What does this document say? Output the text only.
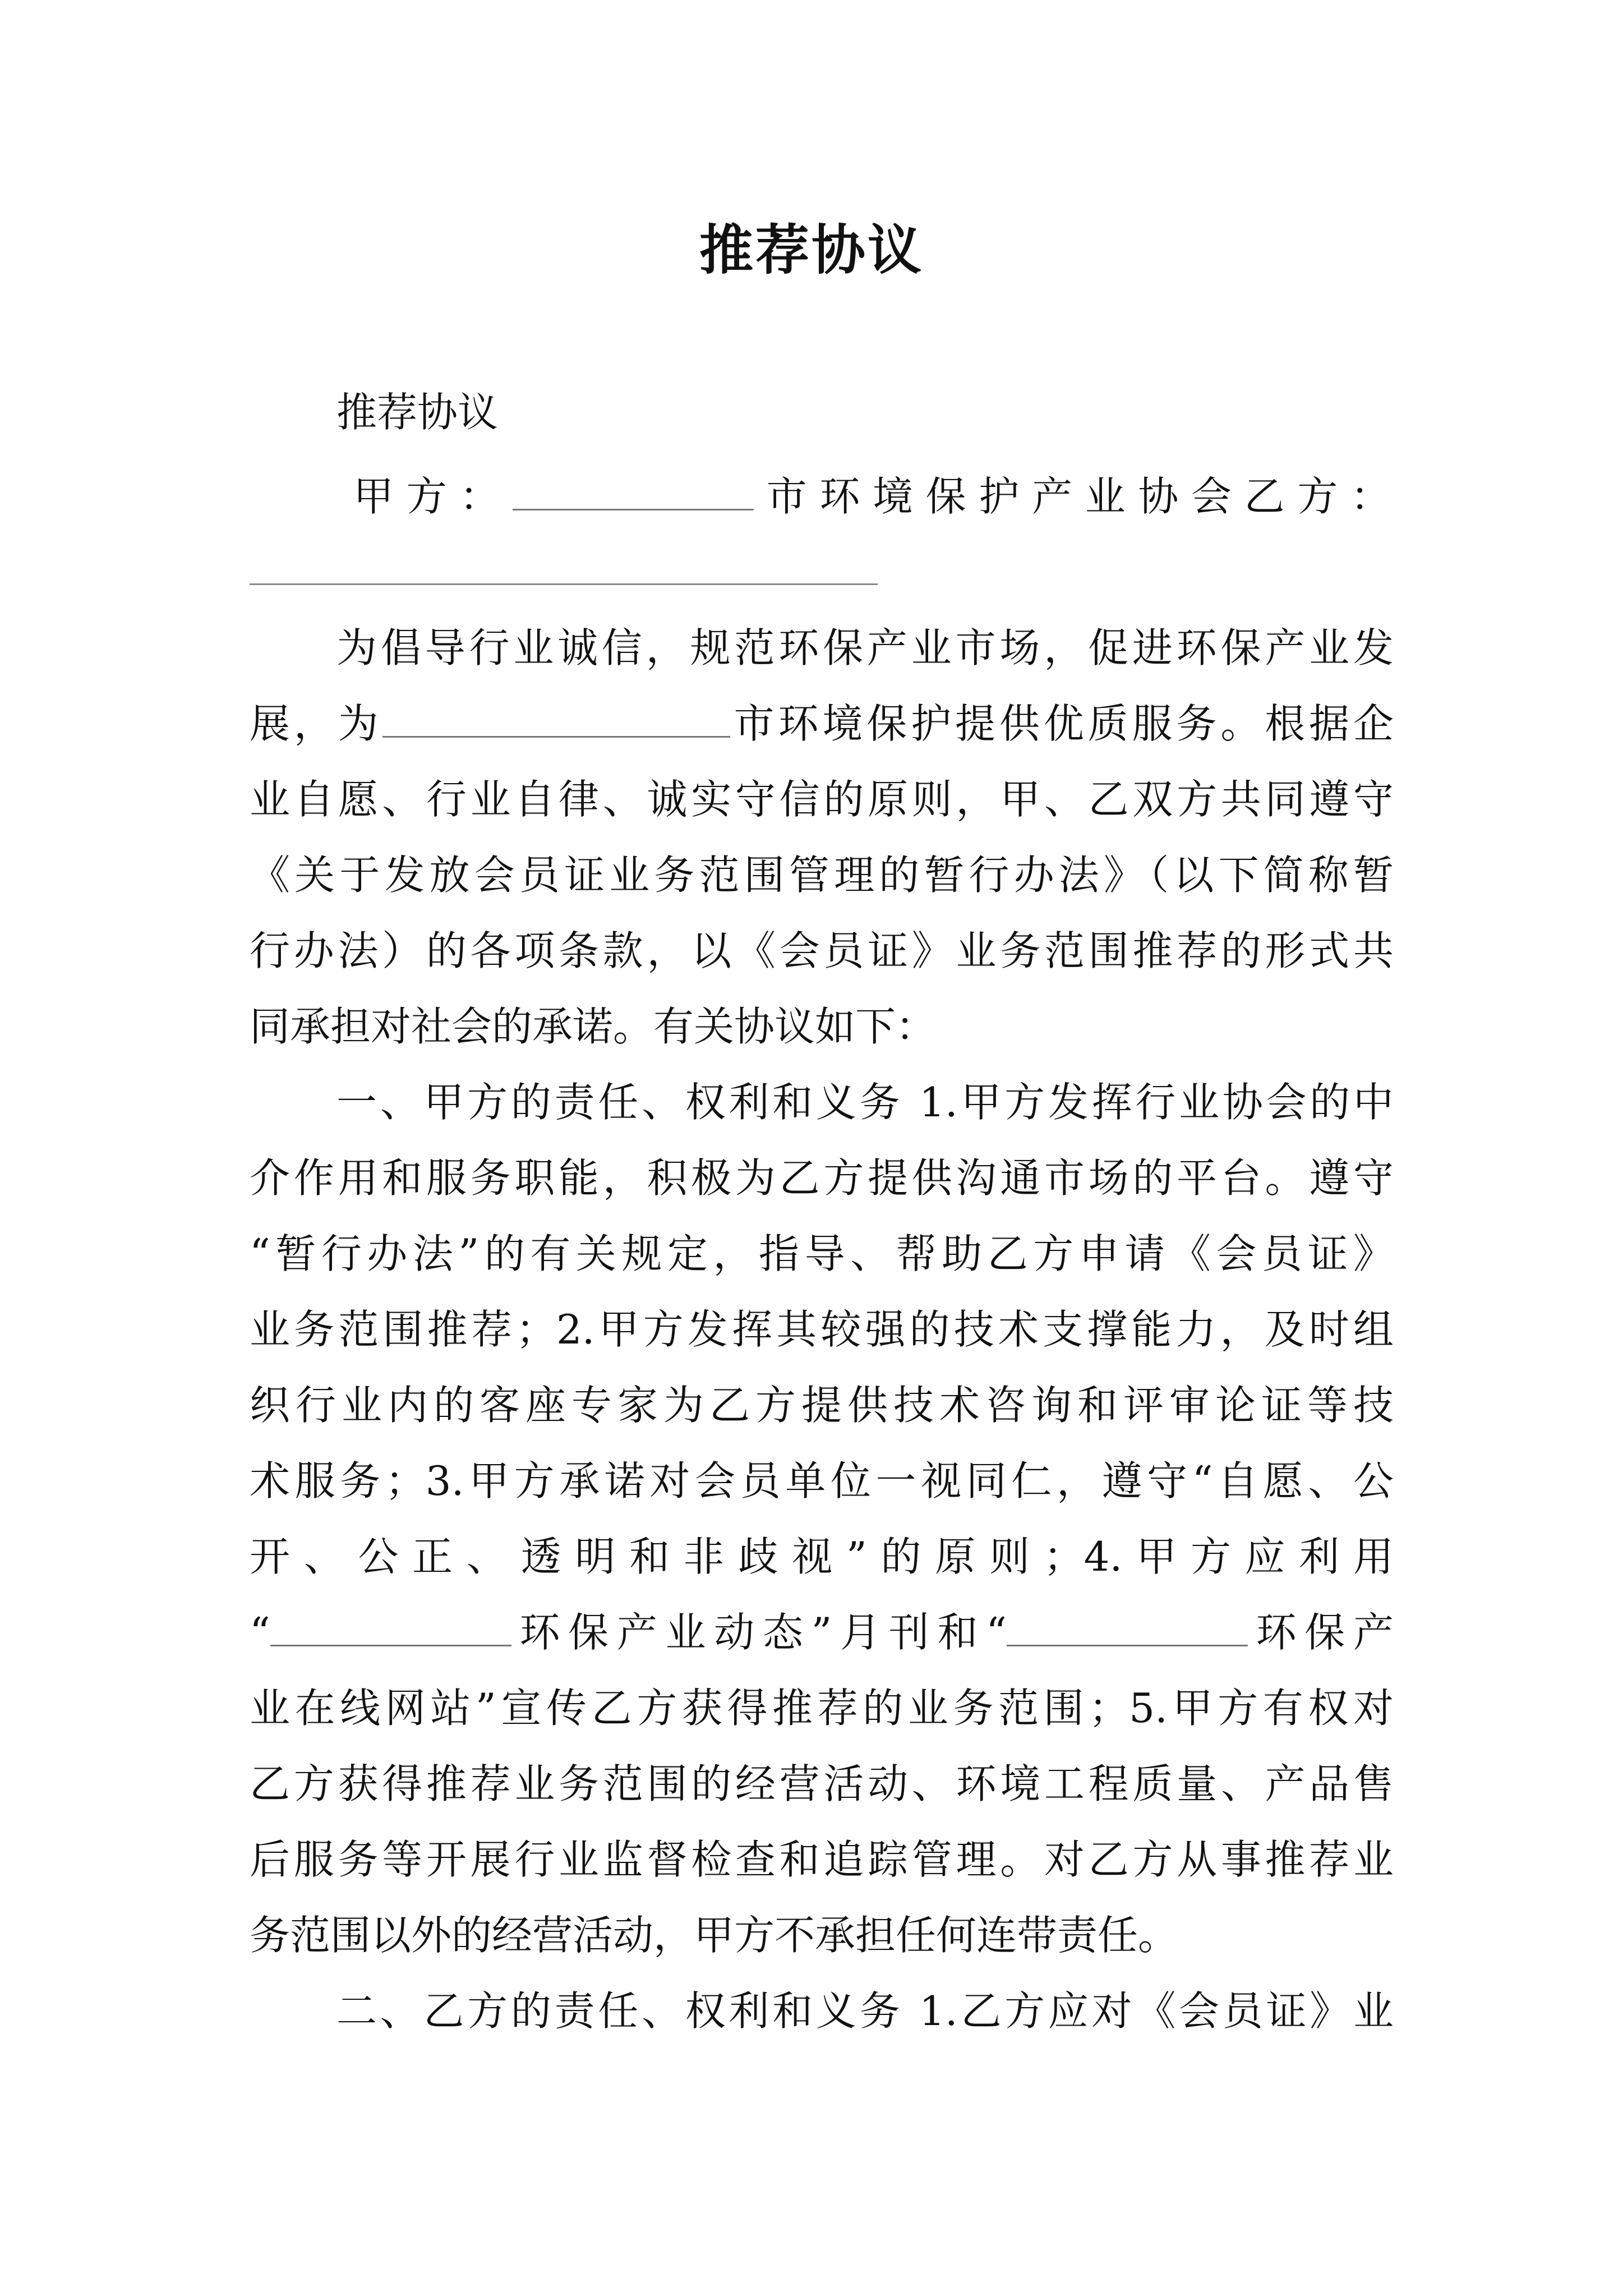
推荐协议
推荐协议
甲方：	市环境保护产业协会乙方：
为倡导行业诚信，规范环保产业市场，促进环保产业发
展，为	市环境保护提供优质服务。根据企
业自愿、行业自律、诚实守信的原则，甲、乙双方共同遵守
《关于发放会员证业务范围管理的暂行办法》（以下简称暂
行办法）的各项条款，以《会员证》业务范围推荐的形式共
同承担对社会的承诺。有关协议如下：
一、甲方的责任、权利和义务 1.甲方发挥行业协会的中
介作用和服务职能，积极为乙方提供沟通市场的平台。遵守
“暂行办法”的有关规定，指导、帮助乙方申请《会员证》
业务范围推荐；2.甲方发挥其较强的技术支撑能力，及时组
织行业内的客座专家为乙方提供技术咨询和评审论证等技
术服务；3.甲方承诺对会员单位一视同仁，遵守“自愿、公
开、公正、透明和非歧视”的原则；4.甲方应利用
“	环保产业动态”月刊和“	环保产
业在线网站”宣传乙方获得推荐的业务范围；5.甲方有权对
乙方获得推荐业务范围的经营活动、环境工程质量、产品售
后服务等开展行业监督检查和追踪管理。对乙方从事推荐业
务范围以外的经营活动，甲方不承担任何连带责任。
二、乙方的责任、权利和义务 1.乙方应对《会员证》业
